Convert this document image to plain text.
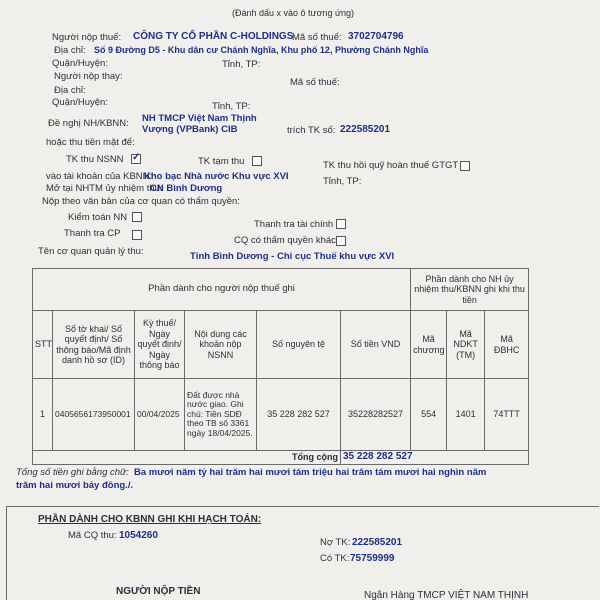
(Đánh dấu x vào ô tương ứng)
Người nộp thuế: CÔNG TY CỔ PHẦN C-HOLDINGS
Mã số thuế: 3702704796
Địa chỉ: Số 9 Đường D5 - Khu dân cư Chánh Nghĩa, Khu phố 12, Phường Chánh Nghĩa
Quận/Huyện:	Tỉnh, TP:
Người nộp thay:
Mã số thuế:
Địa chỉ:
Quận/Huyện:	Tỉnh, TP:
Đề nghị NH/KBNN: NH TMCP Việt Nam Thịnh
Vượng (VPBank) CIB	trích TK số: 222585201
hoặc thu tiền mặt để:
TK thu NSNN ✓	TK tạm thu	TK thu hồi quỹ hoàn thuế GTGT
vào tài khoản của KBNN:
Kho bạc Nhà nước Khu vực XVI	Tỉnh, TP:
Mở tại NHTM ủy nhiệm thu:
CN Bình Dương
Nộp theo văn bản của cơ quan có thẩm quyền:
Kiểm toán NN
Thanh tra tài chính
Thanh tra CP
CQ có thẩm quyền khác
Tên cơ quan quản lý thu:	Tỉnh Bình Dương - Chi cục Thuế khu vực XVI
Phần dành cho người nộp thuế ghi						Phần dành cho NH ủy nhiệm thu/KBNN ghi khi thu tiền		
STT	Số tờ khai/ Số quyết định/ Số thông báo/Mã định danh hồ sơ (ID)	Kỳ thuế/ Ngày quyết định/ Ngày thông báo	Nội dung các khoản nộp NSNN	Số nguyên tệ	Số tiền VND	Mã chương	Mã NDKT (TM)	Mã ĐBHC
1	0405656173950001	00/04/2025	Đất được nhà nước giao. Ghi chú: Tiền SDĐ theo TB số 3361 ngày 18/04/2025.	35 228 282 527	35228282527	554	1401	74TTT
Tổng cộng					35 228 282 527			
Tổng số tiền ghi bằng chữ: Ba mươi năm tỷ hai trăm hai mươi tám triệu hai trăm tám mươi hai nghìn năm
trăm hai mươi bảy đồng./.
PHẦN DÀNH CHO KBNN GHI KHI HẠCH TOÁN:
Mã CQ thu: 1054260
Nợ TK: 222585201
Có TK: 75759999
NGƯỜI NỘP TIỀN	Ngân Hàng TMCP VIỆT NAM THỊNH
